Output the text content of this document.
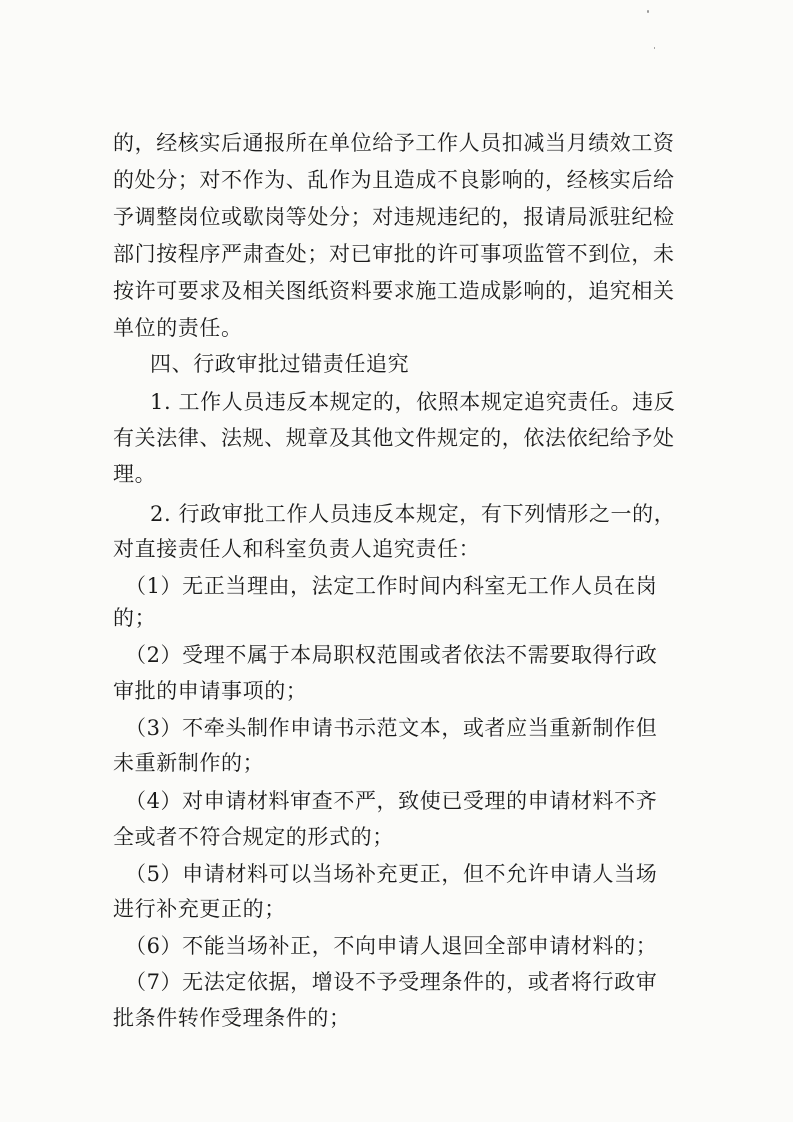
的，经核实后通报所在单位给予工作人员扣减当月绩效工资
的处分；对不作为、乱作为且造成不良影响的，经核实后给
予调整岗位或歇岗等处分；对违规违纪的，报请局派驻纪检
部门按程序严肃查处；对已审批的许可事项监管不到位，未
按许可要求及相关图纸资料要求施工造成影响的，追究相关
单位的责任。
四、行政审批过错责任追究
1. 工作人员违反本规定的，依照本规定追究责任。违反
有关法律、法规、规章及其他文件规定的，依法依纪给予处
理。
2. 行政审批工作人员违反本规定，有下列情形之一的，
对直接责任人和科室负责人追究责任：
（1）无正当理由，法定工作时间内科室无工作人员在岗
的；
（2）受理不属于本局职权范围或者依法不需要取得行政
审批的申请事项的；
（3）不牵头制作申请书示范文本，或者应当重新制作但
未重新制作的；
（4）对申请材料审查不严，致使已受理的申请材料不齐
全或者不符合规定的形式的；
（5）申请材料可以当场补充更正，但不允许申请人当场
进行补充更正的；
（6）不能当场补正，不向申请人退回全部申请材料的；
（7）无法定依据，增设不予受理条件的，或者将行政审
批条件转作受理条件的；
